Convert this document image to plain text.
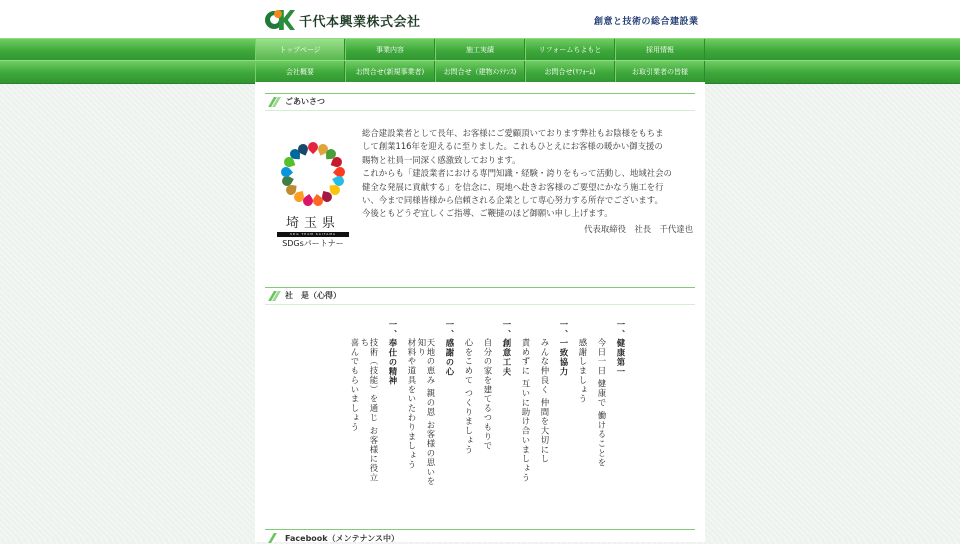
千代本興業株式会社	創意と技術の総合建設業
トップページ	事業内容	施工実績	リフォームちよもと	採用情報
会社概要	お問合せ(新規事業者)	お問合せ（建物ﾒﾝﾃﾅﾝｽ)	お問合せ(ﾘﾌｫｰﾑ)	お取引業者の皆様
ごあいさつ
埼玉県
SDG TEAM SAITAMA
SDGsパートナー
総合建設業者として長年、お客様にご愛顧頂いております弊社もお陰様をもちま
して創業116年を迎えるに至りました。これもひとえにお客様の暖かい御支援の
賜物と社員一同深く感激致しております。
これからも「建設業者における専門知識・経験・誇りをもって活動し、地域社会の
健全な発展に貢献する」を信念に、現地へ赴きお客様のご要望にかなう施工を行
い、今まで同様皆様から信頼される企業として専心努力する所存でございます。
今後ともどうぞ宜しくご指導、ご鞭撻のほど御願い申し上げます。
代表取締役　社長　千代達也
社　是（心得）
一、健康第一
今日一日 健康で 働けることを
感謝しましょう
一、一致協力
みんな仲良く 仲間を大切にし
責めずに 互いに助け合いましょう
一、創意工夫
自分の家を建てるつもりで
心をこめて つくりましょう
一、感謝の心
天地の恵み 親の恩 お客様の思いを知り
材料や道具をいたわりましょう
一、奉仕の精神
技術（技能）を通じ お客様に役立ち
喜んでもらいましょう
Facebook（メンテナンス中）
